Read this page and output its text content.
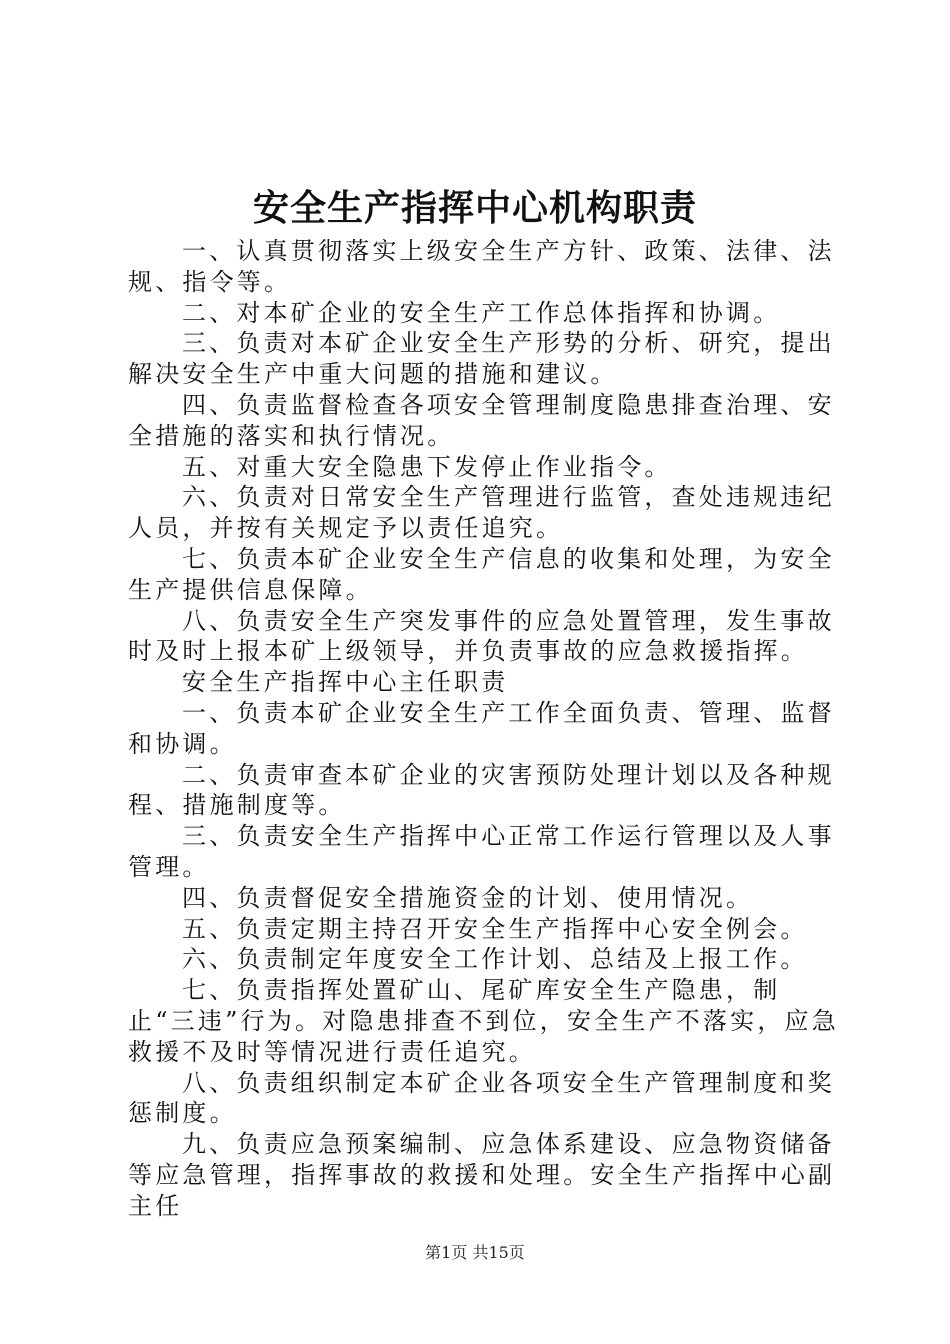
安全生产指挥中心机构职责

一、认真贯彻落实上级安全生产方针、政策、法律、法规、指令等。

二、对本矿企业的安全生产工作总体指挥和协调。

三、负责对本矿企业安全生产形势的分析、研究，提出解决安全生产中重大问题的措施和建议。

四、负责监督检查各项安全管理制度隐患排查治理、安全措施的落实和执行情况。

五、对重大安全隐患下发停止作业指令。

六、负责对日常安全生产管理进行监管，查处违规违纪人员，并按有关规定予以责任追究。

七、负责本矿企业安全生产信息的收集和处理，为安全生产提供信息保障。

八、负责安全生产突发事件的应急处置管理，发生事故时及时上报本矿上级领导，并负责事故的应急救援指挥。

安全生产指挥中心主任职责

一、负责本矿企业安全生产工作全面负责、管理、监督和协调。

二、负责审查本矿企业的灾害预防处理计划以及各种规程、措施制度等。

三、负责安全生产指挥中心正常工作运行管理以及人事管理。

四、负责督促安全措施资金的计划、使用情况。

五、负责定期主持召开安全生产指挥中心安全例会。

六、负责制定年度安全工作计划、总结及上报工作。

七、负责指挥处置矿山、尾矿库安全生产隐患，制止“三违”行为。对隐患排查不到位，安全生产不落实，应急救援不及时等情况进行责任追究。

八、负责组织制定本矿企业各项安全生产管理制度和奖惩制度。

九、负责应急预案编制、应急体系建设、应急物资储备等应急管理，指挥事故的救援和处理。安全生产指挥中心副主任

第1页 共15页
